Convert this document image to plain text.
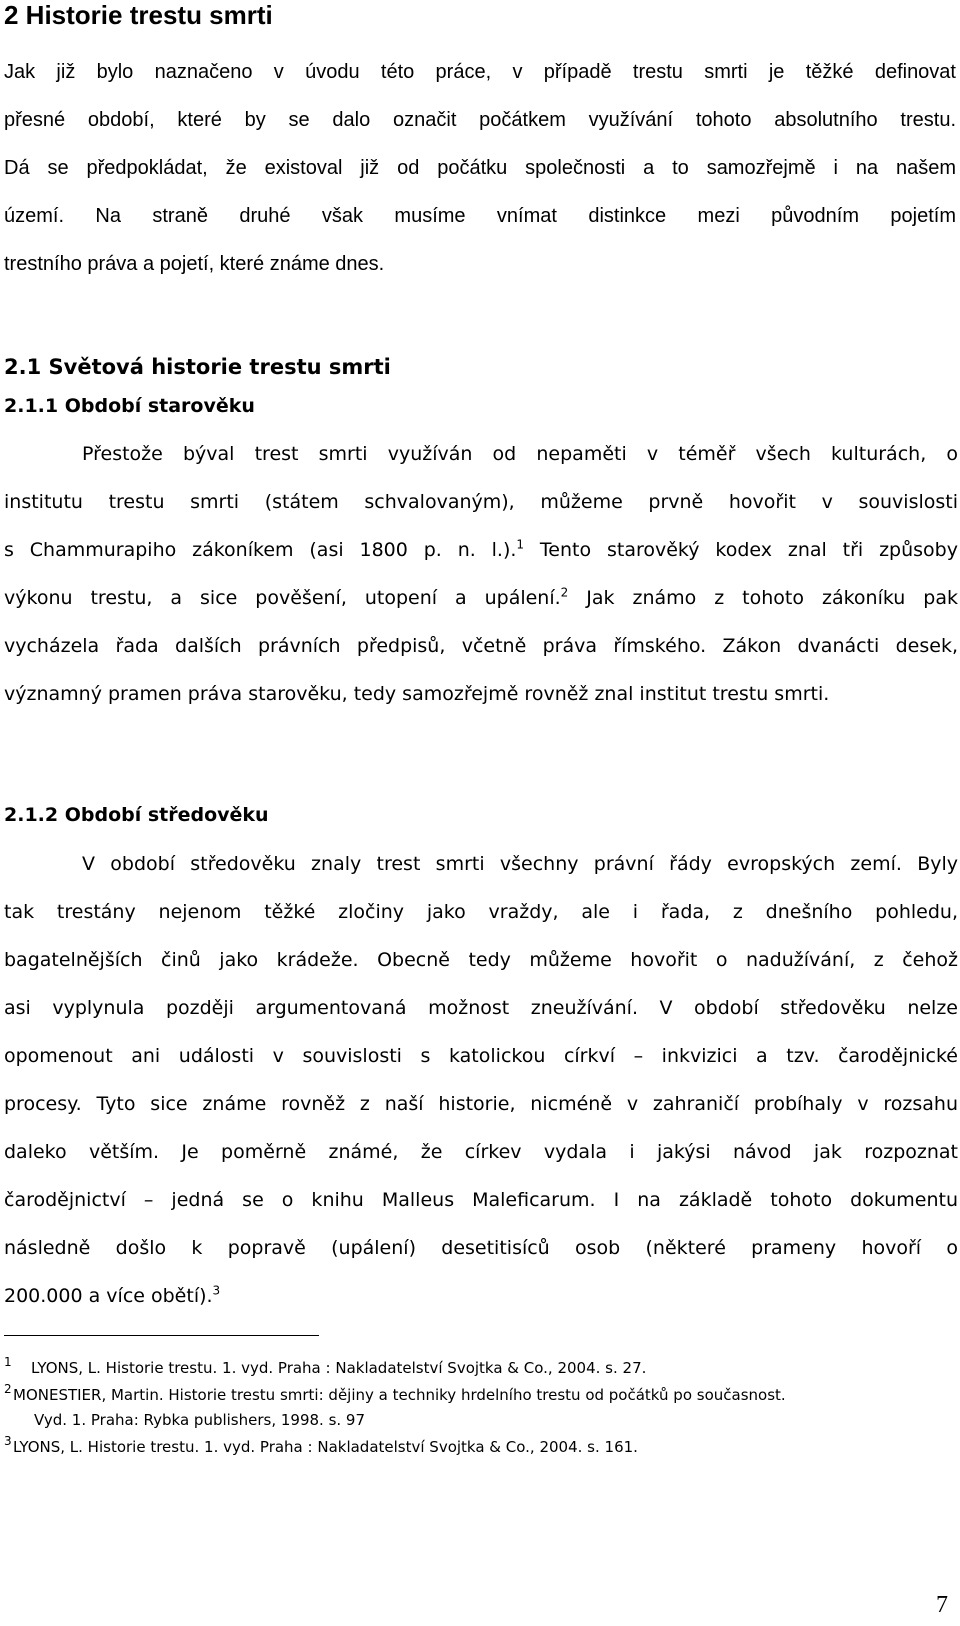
2 Historie trestu smrti
Jak již bylo naznačeno v úvodu této práce, v případě trestu smrti je těžké definovat
přesné období, které by se dalo označit počátkem využívání tohoto absolutního trestu.
Dá se předpokládat, že existoval již od počátku společnosti a to samozřejmě i na našem
území. Na straně druhé však musíme vnímat distinkce mezi původním pojetím
trestního práva a pojetí, které známe dnes.
2.1 Světová historie trestu smrti
2.1.1 Období starověku
Přestože býval trest smrti využíván od nepaměti v téměř všech kulturách, o
institutu trestu smrti (státem schvalovaným), můžeme prvně hovořit v souvislosti
s Chammurapiho zákoníkem (asi 1800 p. n. l.).$^1$ Tento starověký kodex znal tři způsoby
výkonu trestu, a sice pověšení, utopení a upálení.$^2$ Jak známo z tohoto zákoníku pak
vycházela řada dalších právních předpisů, včetně práva římského. Zákon dvanácti desek,
významný pramen práva starověku, tedy samozřejmě rovněž znal institut trestu smrti.
2.1.2 Období středověku
V období středověku znaly trest smrti všechny právní řády evropských zemí. Byly
tak trestány nejenom těžké zločiny jako vraždy, ale i řada, z dnešního pohledu,
bagatelnějších činů jako krádeže. Obecně tedy můžeme hovořit o nadužívání, z čehož
asi vyplynula později argumentovaná možnost zneužívání. V období středověku nelze
opomenout ani události v souvislosti s katolickou církví – inkvizici a tzv. čarodějnické
procesy. Tyto sice známe rovněž z naší historie, nicméně v zahraničí probíhaly v rozsahu
daleko větším. Je poměrně známé, že církev vydala i jakýsi návod jak rozpoznat
čarodějnictví – jedná se o knihu Malleus Maleficarum. I na základě tohoto dokumentu
následně došlo k popravě (upálení) desetitisíců osob (některé prameny hovoří o
200.000 a více obětí).$^3$
1 LYONS, L. Historie trestu. 1. vyd. Praha : Nakladatelství Svojtka & Co., 2004. s. 27.
2 MONESTIER, Martin. Historie trestu smrti: dějiny a techniky hrdelního trestu od počátků po současnost.
Vyd. 1. Praha: Rybka publishers, 1998. s. 97
3 LYONS, L. Historie trestu. 1. vyd. Praha : Nakladatelství Svojtka & Co., 2004. s. 161.
7
